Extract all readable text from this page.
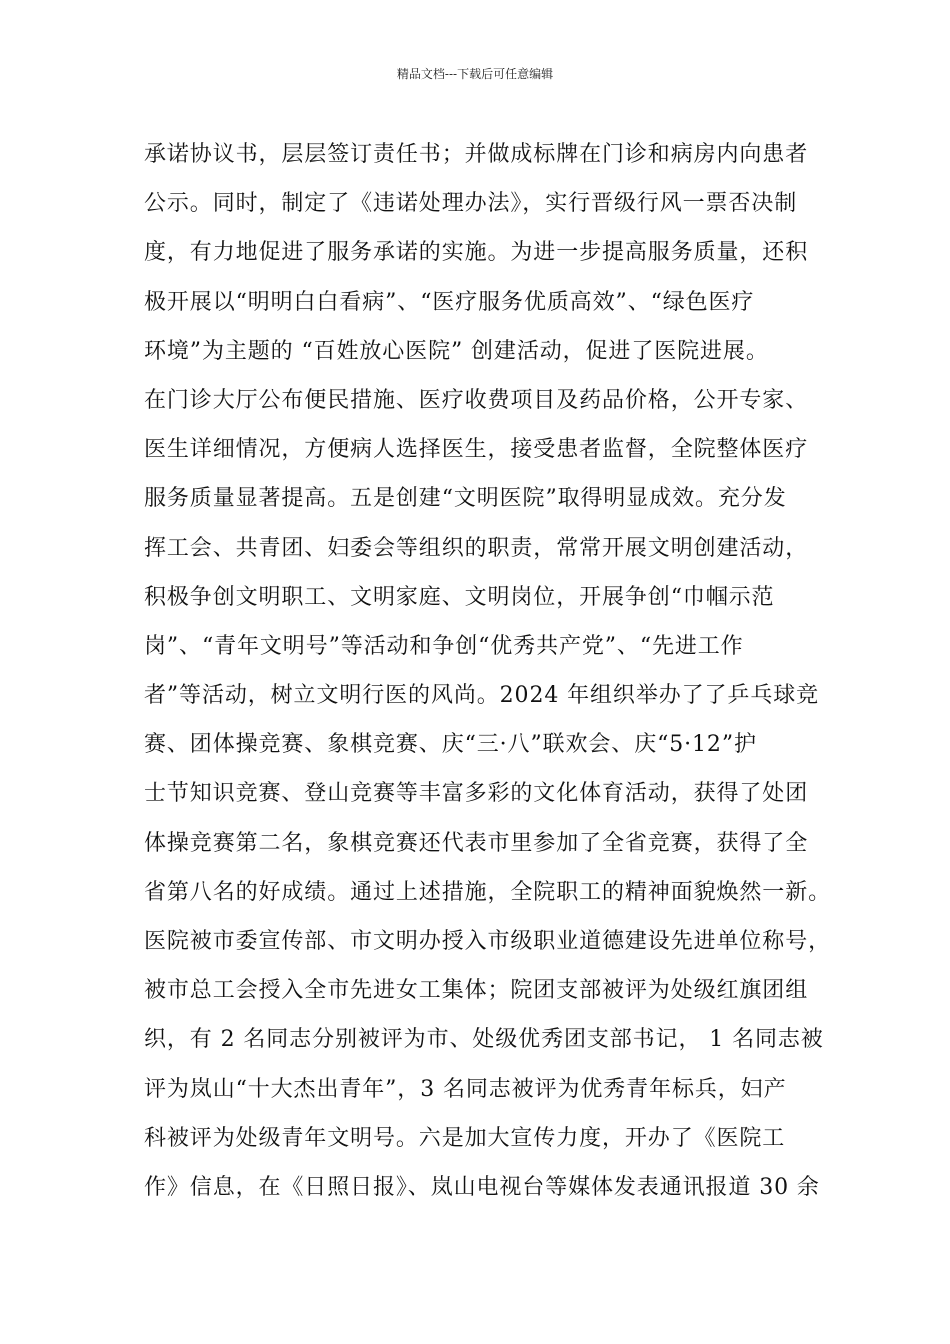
精品文档---下载后可任意编辑
承诺协议书，层层签订责任书；并做成标牌在门诊和病房内向患者
公示。同时，制定了《违诺处理办法》，实行晋级行风一票否决制
度，有力地促进了服务承诺的实施。为进一步提高服务质量，还积
极开展以“明明白白看病”、“医疗服务优质高效”、“绿色医疗
环境”为主题的 “百姓放心医院” 创建活动，促进了医院进展。
在门诊大厅公布便民措施、医疗收费项目及药品价格，公开专家、
医生详细情况，方便病人选择医生，接受患者监督，全院整体医疗
服务质量显著提高。五是创建“文明医院”取得明显成效。充分发
挥工会、共青团、妇委会等组织的职责，常常开展文明创建活动，
积极争创文明职工、文明家庭、文明岗位，开展争创“巾帼示范
岗”、“青年文明号”等活动和争创“优秀共产党”、“先进工作
者”等活动，树立文明行医的风尚。2024 年组织举办了了乒乓球竞
赛、团体操竞赛、象棋竞赛、庆“三·八”联欢会、庆“5·12”护
士节知识竞赛、登山竞赛等丰富多彩的文化体育活动，获得了处团
体操竞赛第二名，象棋竞赛还代表市里参加了全省竞赛，获得了全
省第八名的好成绩。通过上述措施，全院职工的精神面貌焕然一新。
医院被市委宣传部、市文明办授入市级职业道德建设先进单位称号，
被市总工会授入全市先进女工集体；院团支部被评为处级红旗团组
织，有 2 名同志分别被评为市、处级优秀团支部书记， 1 名同志被
评为岚山“十大杰出青年”，3 名同志被评为优秀青年标兵，妇产
科被评为处级青年文明号。六是加大宣传力度，开办了《医院工
作》信息，在《日照日报》、岚山电视台等媒体发表通讯报道 30 余
